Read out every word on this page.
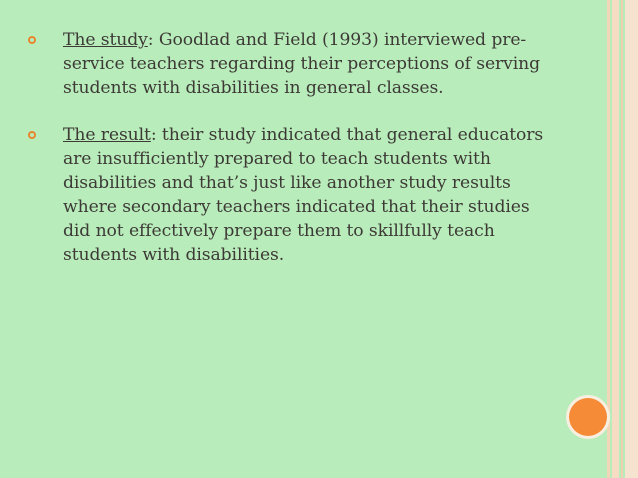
The study: Goodlad and Field (1993) interviewed pre-service teachers regarding their perceptions of serving students with disabilities in general classes.
The result: their study indicated that general educators are insufficiently prepared to teach students with disabilities and that’s just like another study results where secondary teachers indicated that their studies did not effectively prepare them to skillfully teach students with disabilities.
